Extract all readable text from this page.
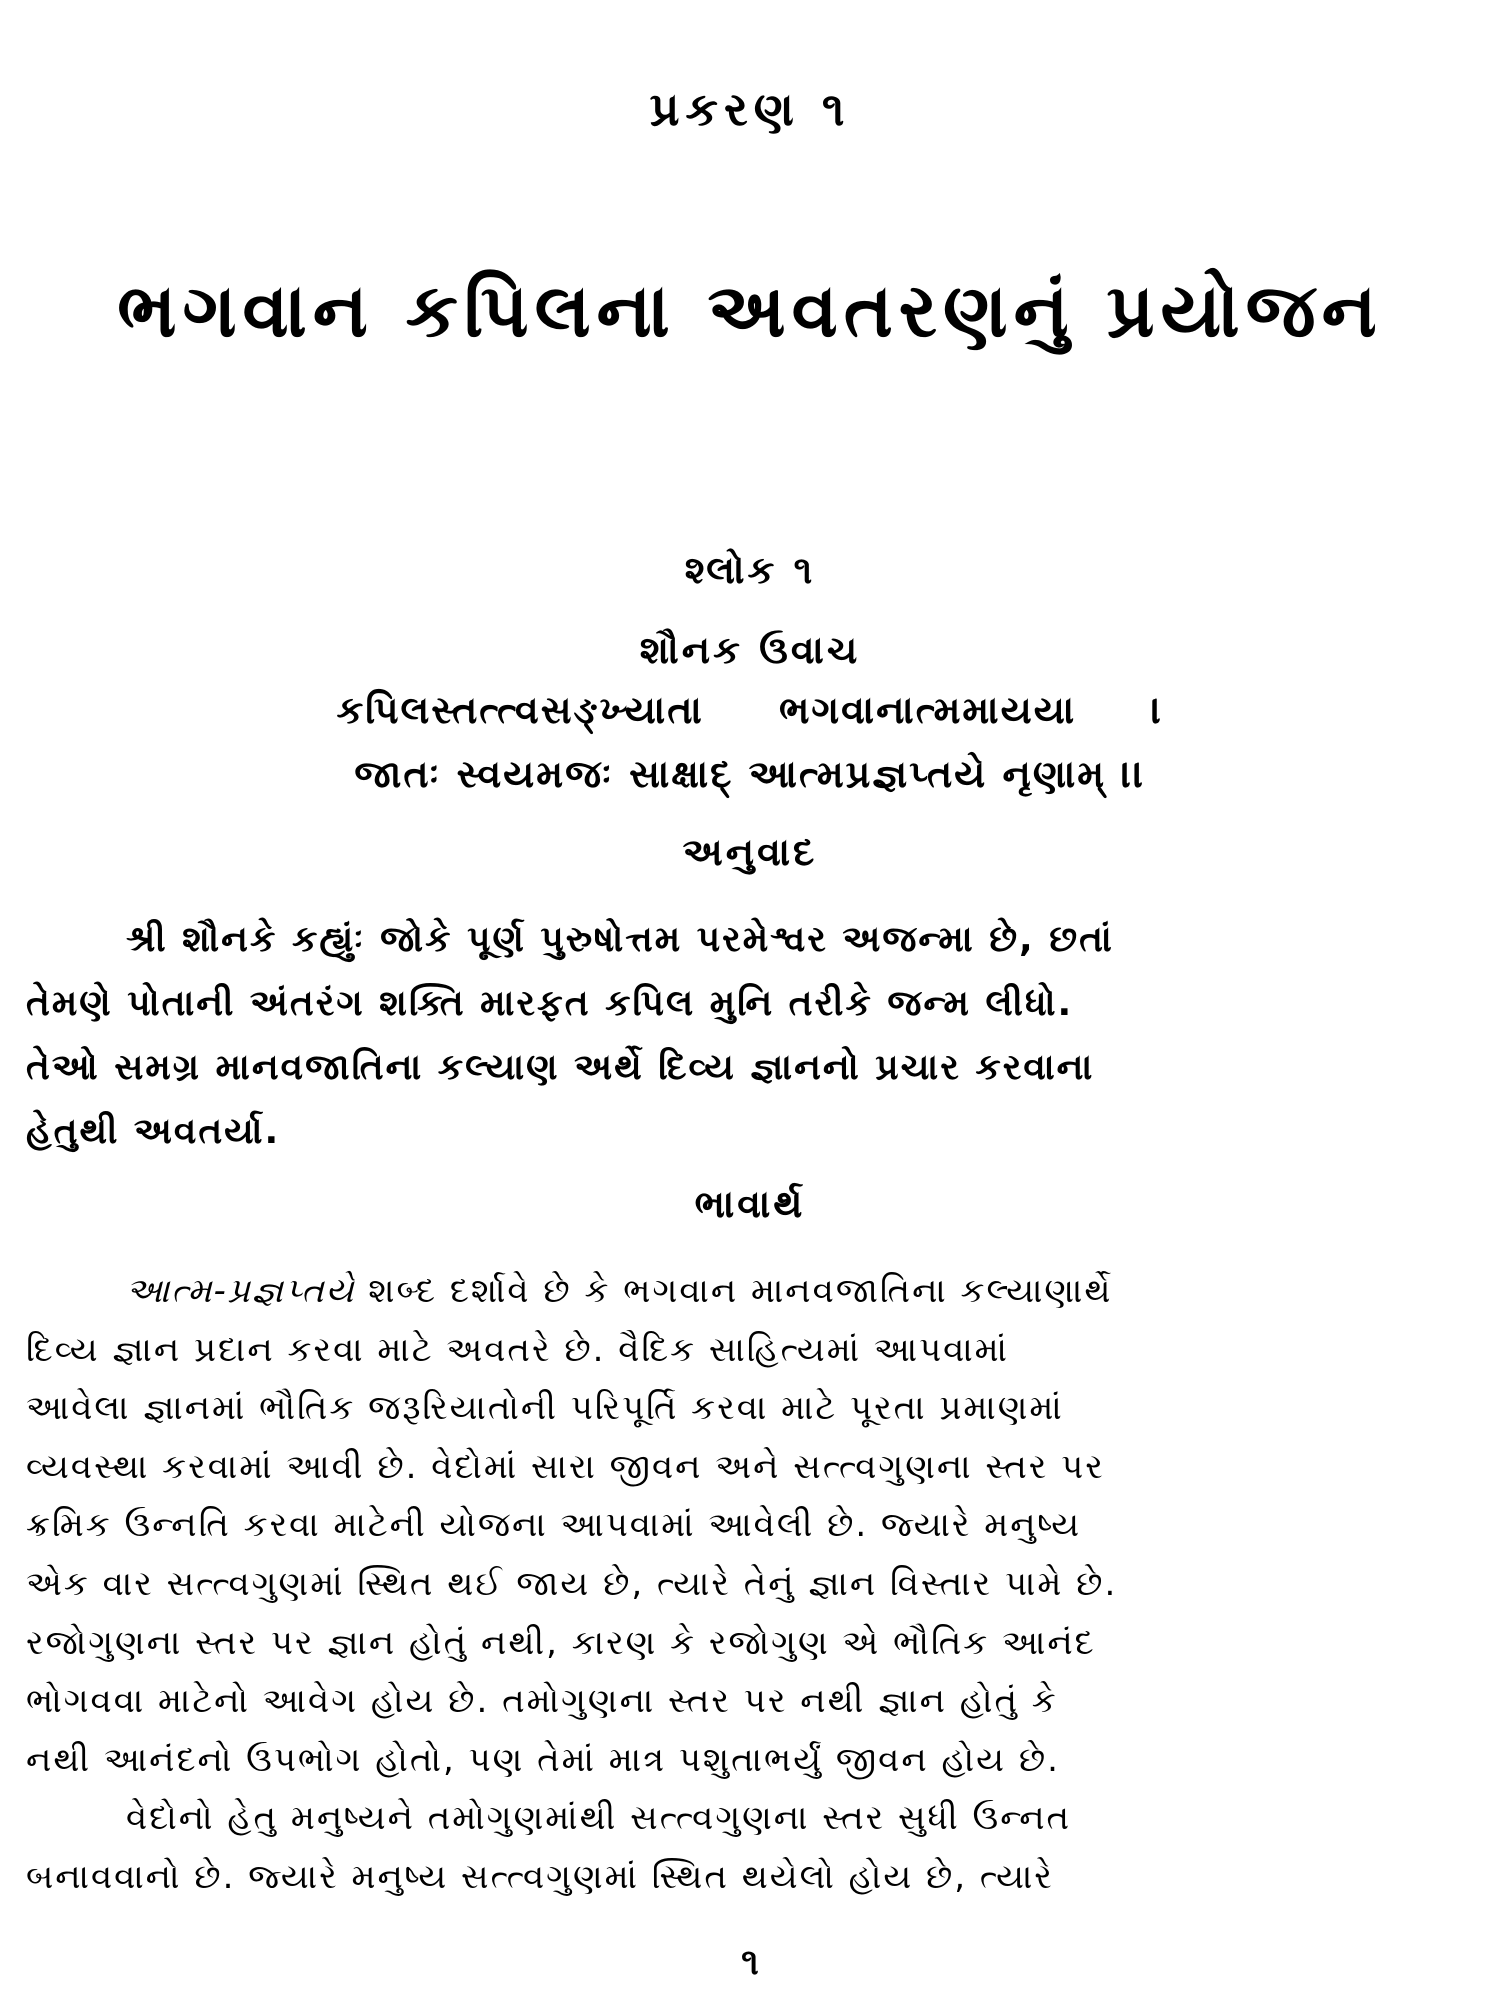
પ્રકરણ ૧
ભગવાન કપિલના અવતરણનું પ્રયોજન
શ્લોક ૧
શૌનક ઉવાચ
કપિલસ્તત્ત્વસઙ્ખ્યાતા ભગવાનાત્મમાયયા ।
જાતઃ સ્વયમજઃ સાક્ષાદ્ આત્મપ્રજ્ઞપ્તયે નૃણામ્ ।।
અનુવાદ
શ્રી શૌનકે કહ્યુંઃ જોકે પૂર્ણ પુરુષોત્તમ પરમેશ્વર અજન્મા છે, છતાં
તેમણે પોતાની અંતરંગ શક્તિ મારફત કપિલ મુનિ તરીકે જન્મ લીધો.
તેઓ સમગ્ર માનવજાતિના કલ્યાણ અર્થે દિવ્ય જ્ઞાનનો પ્રચાર કરવાના
હેતુથી અવતર્યા.
ભાવાર્થ
આત્મ-પ્રજ્ઞપ્તયે શબ્દ દર્શાવે છે કે ભગવાન માનવજાતિના કલ્યાણાર્થે
દિવ્ય જ્ઞાન પ્રદાન કરવા માટે અવતરે છે. વૈદિક સાહિત્યમાં આપવામાં
આવેલા જ્ઞાનમાં ભૌતિક જરૂરિયાતોની પરિપૂર્તિ કરવા માટે પૂરતા પ્રમાણમાં
વ્યવસ્થા કરવામાં આવી છે. વેદોમાં સારા જીવન અને સત્ત્વગુણના સ્તર પર
ક્રમિક ઉન્નતિ કરવા માટેની યોજના આપવામાં આવેલી છે. જ્યારે મનુષ્ય
એક વાર સત્ત્વગુણમાં સ્થિત થઈ જાય છે, ત્યારે તેનું જ્ઞાન વિસ્તાર પામે છે.
રજોગુણના સ્તર પર જ્ઞાન હોતું નથી, કારણ કે રજોગુણ એ ભૌતિક આનંદ
ભોગવવા માટેનો આવેગ હોય છે. તમોગુણના સ્તર પર નથી જ્ઞાન હોતું કે
નથી આનંદનો ઉપભોગ હોતો, પણ તેમાં માત્ર પશુતાભર્યું જીવન હોય છે.
વેદોનો હેતુ મનુષ્યને તમોગુણમાંથી સત્ત્વગુણના સ્તર સુધી ઉન્નત
બનાવવાનો છે. જ્યારે મનુષ્ય સત્ત્વગુણમાં સ્થિત થયેલો હોય છે, ત્યારે
૧
